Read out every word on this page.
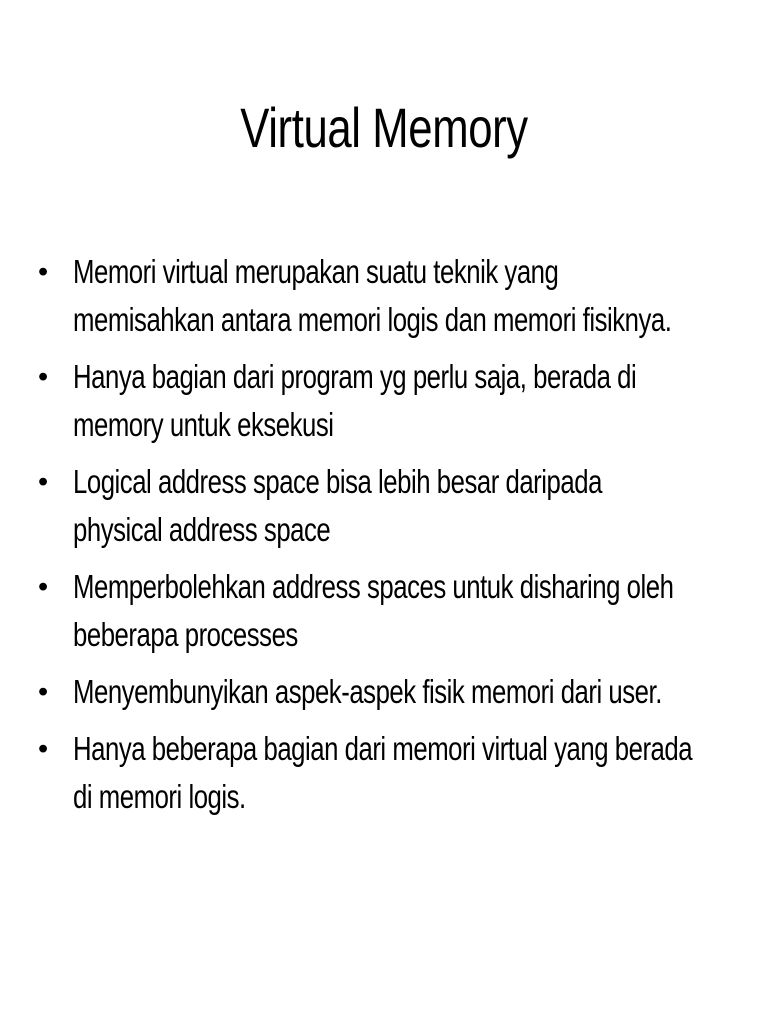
Virtual Memory
• Memori virtual merupakan suatu teknik yang
memisahkan antara memori logis dan memori fisiknya.
• Hanya bagian dari program yg perlu saja, berada di
memory untuk eksekusi
• Logical address space bisa lebih besar daripada
physical address space
• Memperbolehkan address spaces untuk disharing oleh
beberapa processes
• Menyembunyikan aspek-aspek fisik memori dari user.
• Hanya beberapa bagian dari memori virtual yang berada
di memori logis.
